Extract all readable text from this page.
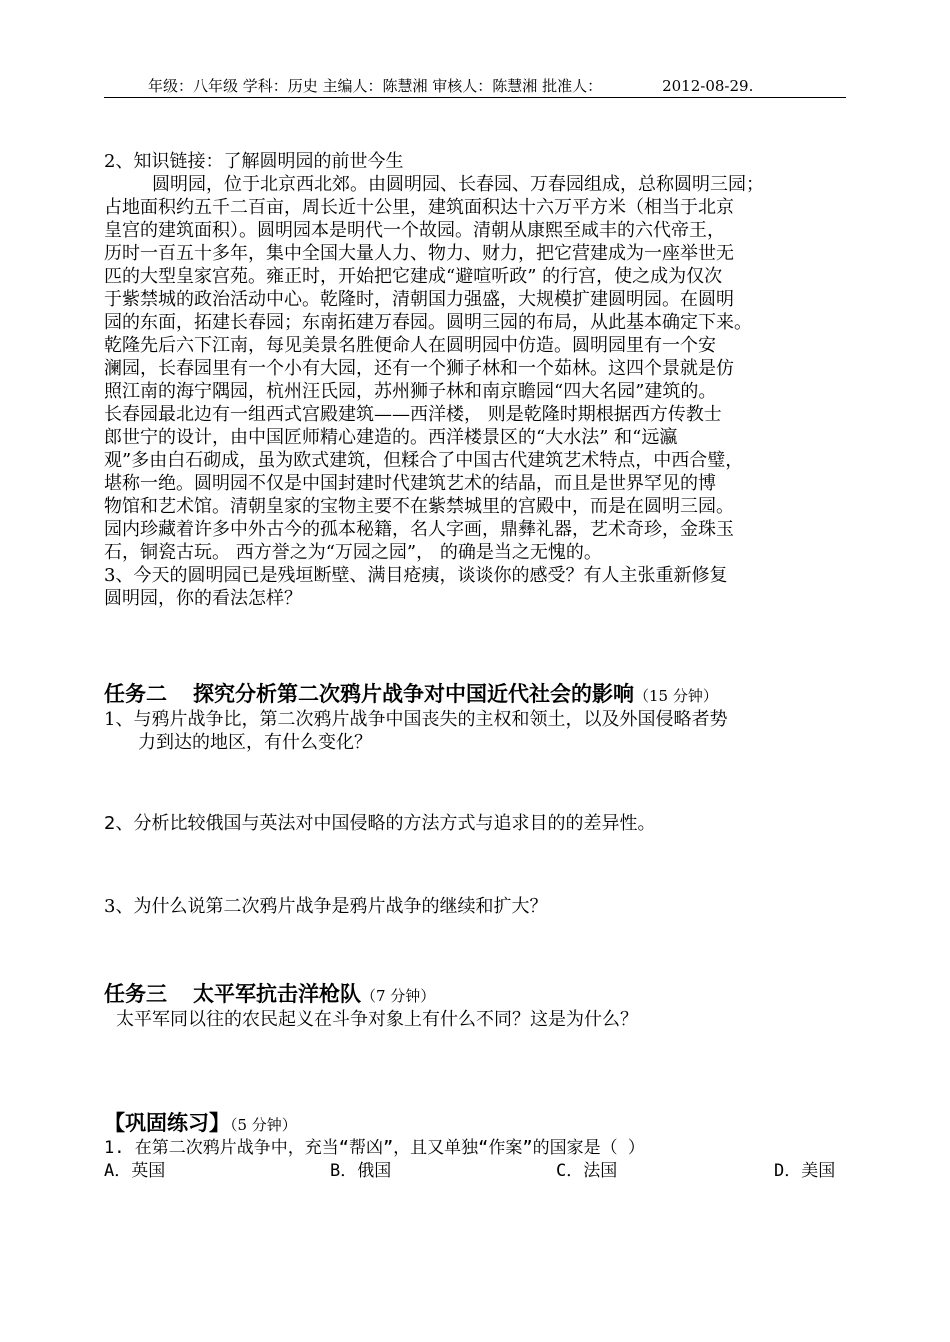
年级：八年级 学科：历史 主编人：陈慧湘 审核人：陈慧湘 批准人：	2012-08-29.
2、知识链接：了解圆明园的前世今生
圆明园，位于北京西北郊。由圆明园、长春园、万春园组成，总称圆明三园；
占地面积约五千二百亩，周长近十公里，建筑面积达十六万平方米（相当于北京
皇宫的建筑面积）。圆明园本是明代一个故园。清朝从康熙至咸丰的六代帝王，
历时一百五十多年，集中全国大量人力、物力、财力，把它营建成为一座举世无
匹的大型皇家宫苑。雍正时，开始把它建成“避喧听政” 的行宫，使之成为仅次
于紫禁城的政治活动中心。乾隆时，清朝国力强盛，大规模扩建圆明园。在圆明
园的东面，拓建长春园；东南拓建万春园。圆明三园的布局，从此基本确定下来。
乾隆先后六下江南，每见美景名胜便命人在圆明园中仿造。圆明园里有一个安
澜园，长春园里有一个小有大园，还有一个狮子林和一个茹林。这四个景就是仿
照江南的海宁隅园，杭州汪氏园，苏州狮子林和南京瞻园“四大名园”建筑的。
长春园最北边有一组西式宫殿建筑——西洋楼， 则是乾隆时期根据西方传教士
郎世宁的设计，由中国匠师精心建造的。西洋楼景区的“大水法” 和“远瀛
观”多由白石砌成，虽为欧式建筑，但糅合了中国古代建筑艺术特点，中西合璧，
堪称一绝。圆明园不仅是中国封建时代建筑艺术的结晶，而且是世界罕见的博
物馆和艺术馆。清朝皇家的宝物主要不在紫禁城里的宫殿中，而是在圆明三园。
园内珍藏着许多中外古今的孤本秘籍，名人字画，鼎彝礼器，艺术奇珍，金珠玉
石，铜瓷古玩。 西方誉之为“万园之园”， 的确是当之无愧的。
3、今天的圆明园已是残垣断壁、满目疮痍，谈谈你的感受？有人主张重新修复
圆明园，你的看法怎样？
任务二 探究分析第二次鸦片战争对中国近代社会的影响（15 分钟）
1、与鸦片战争比，第二次鸦片战争中国丧失的主权和领土，以及外国侵略者势
力到达的地区，有什么变化？
2、分析比较俄国与英法对中国侵略的方法方式与追求目的的差异性。
3、为什么说第二次鸦片战争是鸦片战争的继续和扩大？
任务三 太平军抗击洋枪队（7 分钟）
太平军同以往的农民起义在斗争对象上有什么不同？这是为什么？
【巩固练习】（5 分钟）
1. 在第二次鸦片战争中，充当“帮凶”，且又单独“作案”的国家是（ ）
A．英国	B．俄国	C．法国	D．美国
